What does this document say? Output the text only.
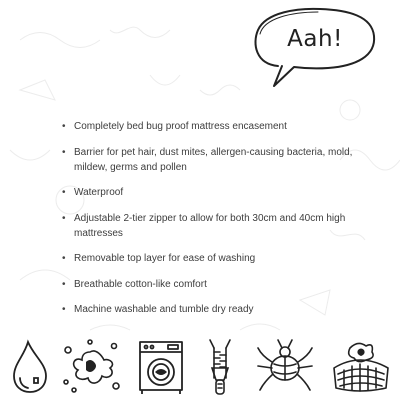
Aah!
• Completely bed bug proof mattress encasement
• Barrier for pet hair, dust mites, allergen-causing bacteria, mold, mildew, germs and pollen
• Waterproof
• Adjustable 2-tier zipper to allow for both 30cm and 40cm high mattresses
• Removable top layer for ease of washing
• Breathable cotton-like comfort
• Machine washable and tumble dry ready
